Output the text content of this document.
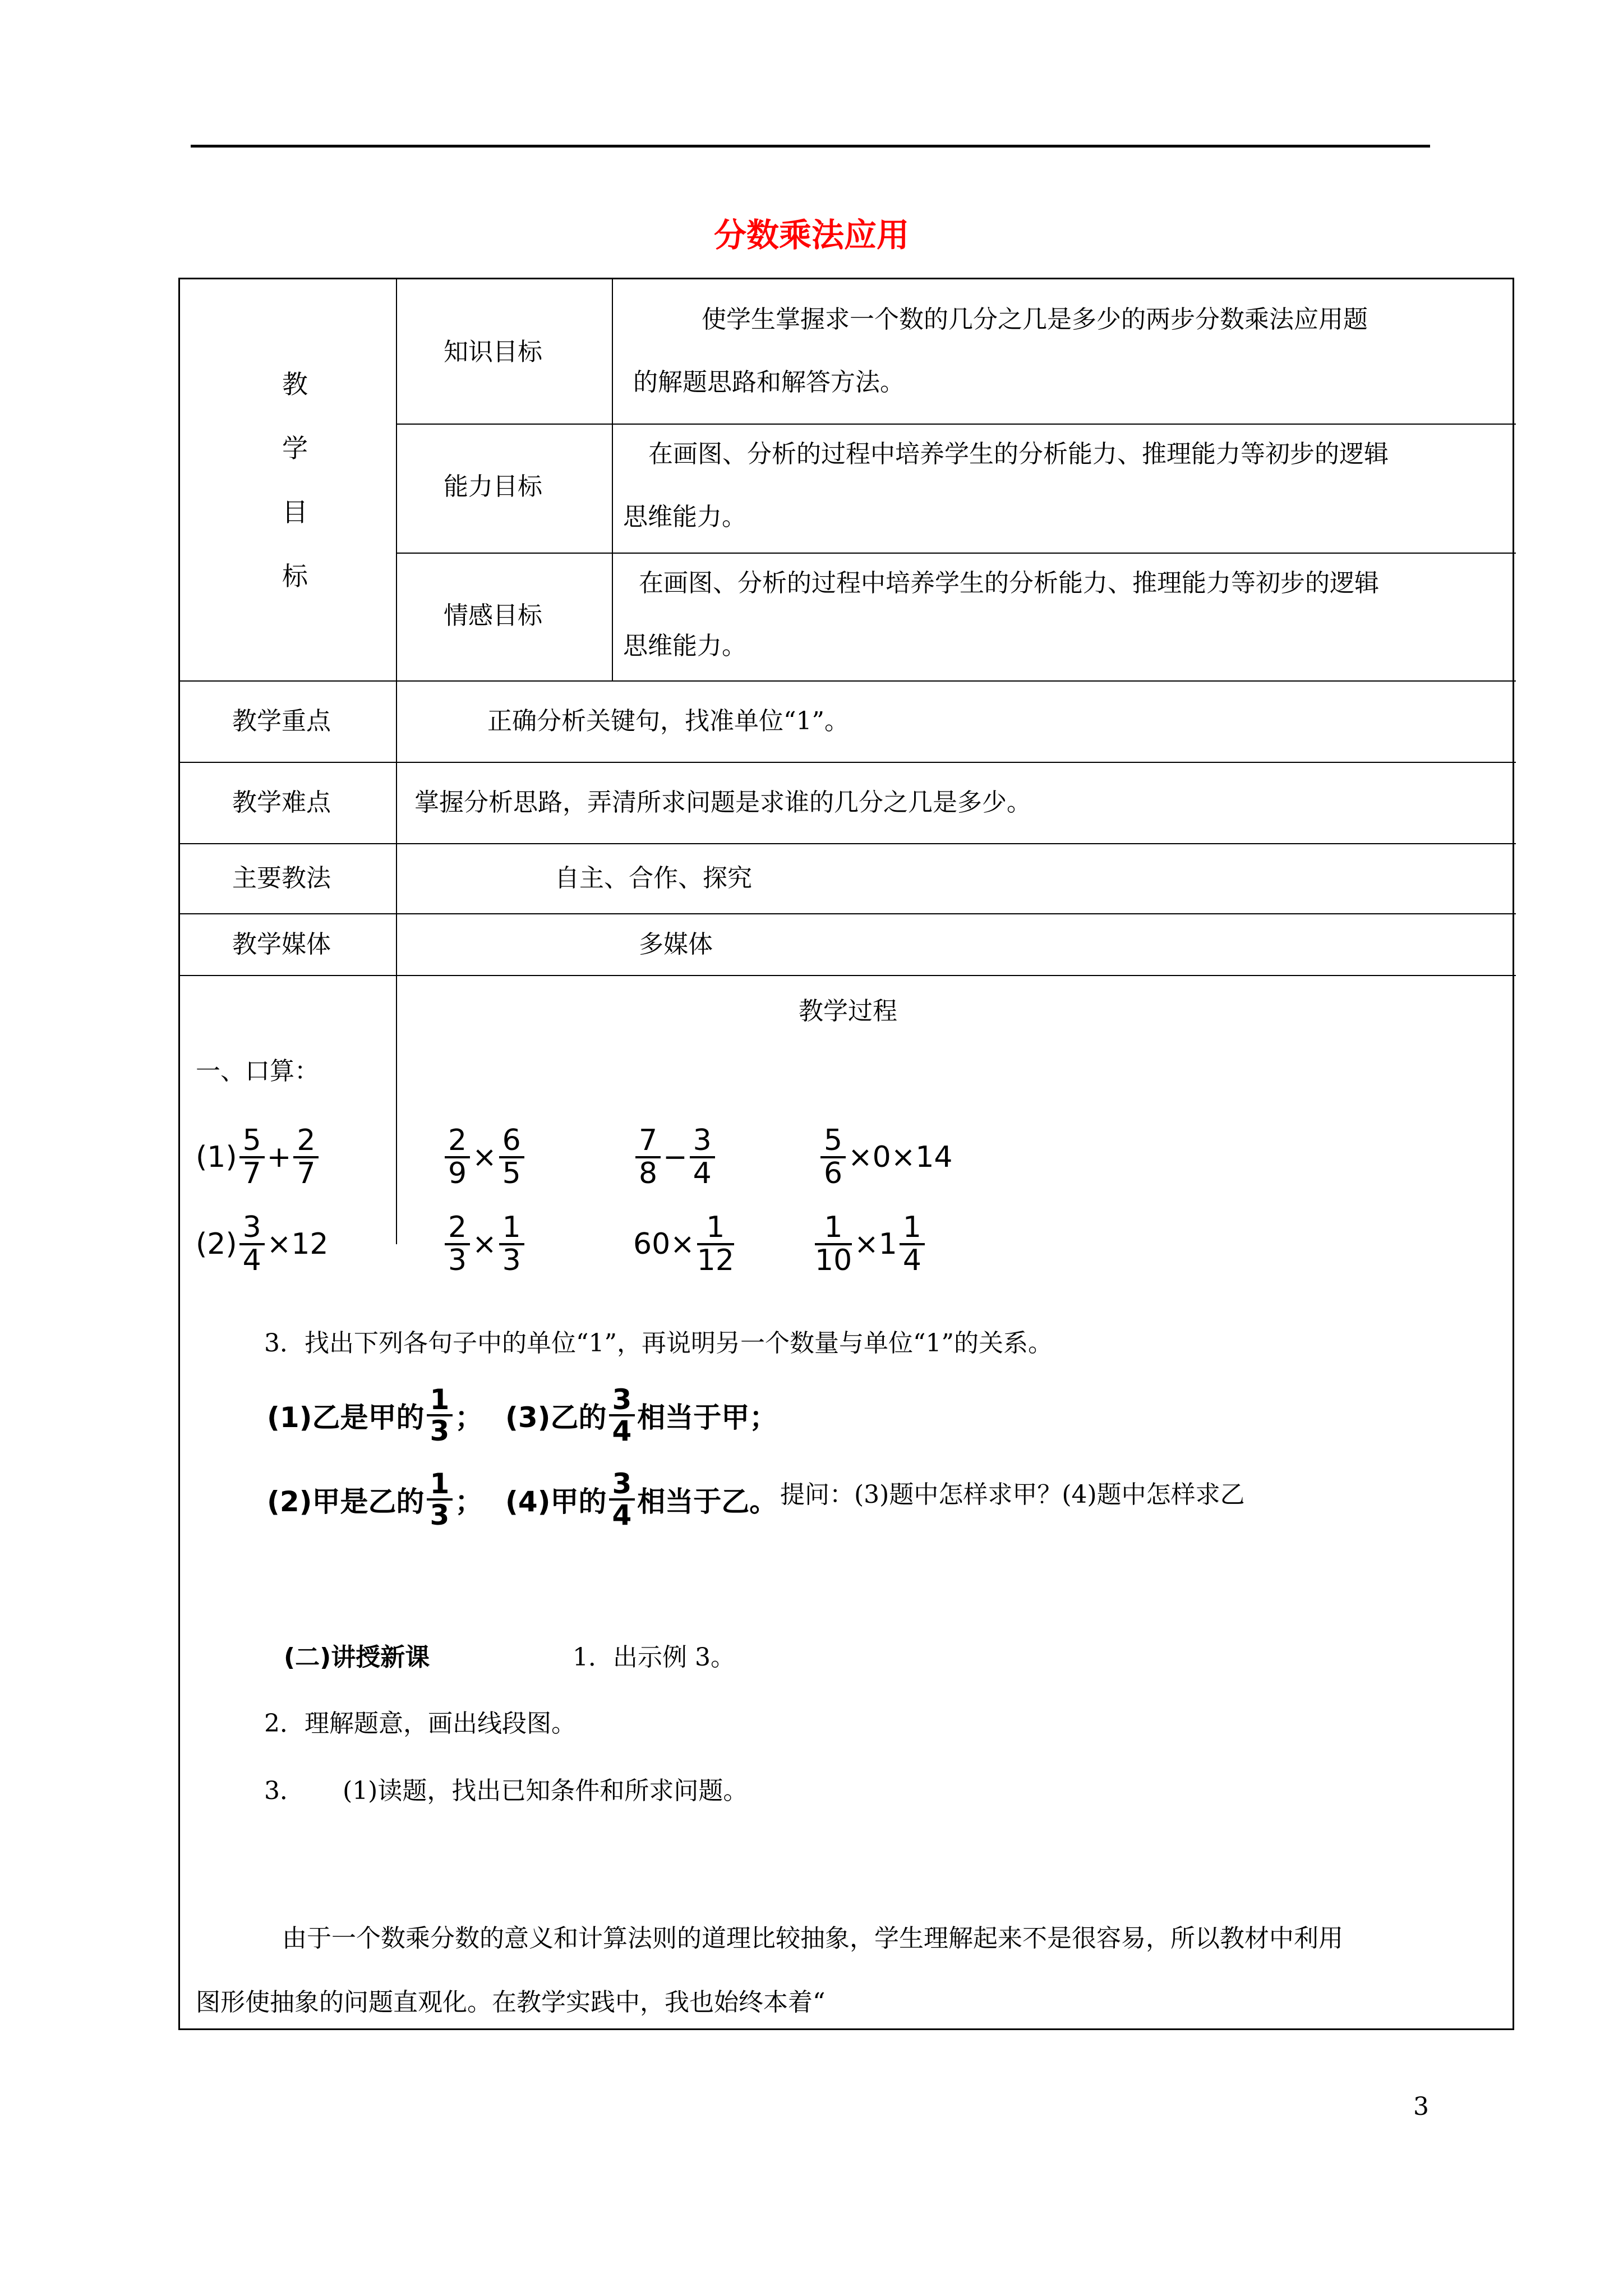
分数乘法应用
教
学
目
标
知识目标
使学生掌握求一个数的几分之几是多少的两步分数乘法应用题
的解题思路和解答方法。
能力目标
在画图、分析的过程中培养学生的分析能力、推理能力等初步的逻辑
思维能力。
情感目标
在画图、分析的过程中培养学生的分析能力、推理能力等初步的逻辑
思维能力。
教学重点	正确分析关键句，找准单位“1”。
教学难点	掌握分析思路，弄清所求问题是求谁的几分之几是多少。
主要教法	自主、合作、探究
教学媒体	多媒体
教学过程
一、口算：
$(1) \frac{5}{7} + \frac{2}{7}$	$\frac{2}{9} \times \frac{6}{5}$	$\frac{7}{8} - \frac{3}{4}$	$\frac{5}{6} \times 0\times 14$
$(2) \frac{3}{4} \times 12$	$\frac{2}{3} \times \frac{1}{3}$	$60\times \frac{1}{12}$	$\frac{1}{10} \times 1 \frac{1}{4}$
3．找出下列各句子中的单位“1”，再说明另一个数量与单位“1”的关系。
(1)乙是甲的 $\frac{1}{3}$ ； (3)乙的 $\frac{3}{4}$ 相当于甲；
(2)甲是乙的 $\frac{1}{3}$ ； (4)甲的 $\frac{3}{4}$ 相当于乙。 提问：(3)题中怎样求甲？(4)题中怎样求乙
(二)讲授新课	1．出示例 3。
2．理解题意，画出线段图。
3． (1)读题，找出已知条件和所求问题。
由于一个数乘分数的意义和计算法则的道理比较抽象，学生理解起来不是很容易，所以教材中利用
图形使抽象的问题直观化。在教学实践中，我也始终本着“
3
